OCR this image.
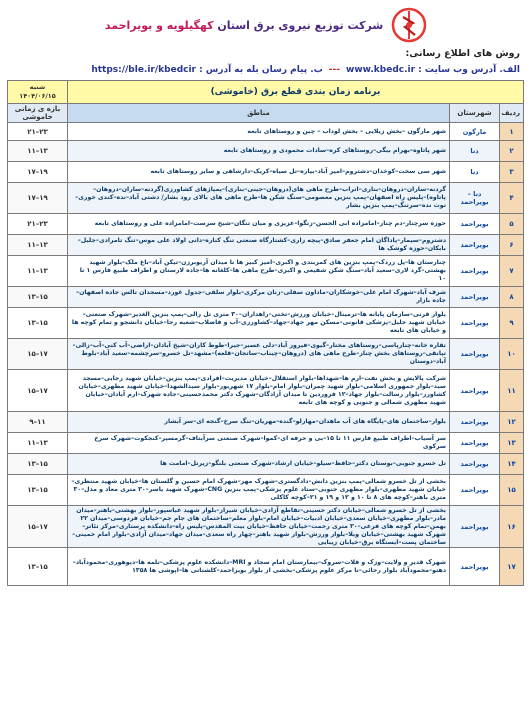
شرکت توزیع نیروی برق استان کهگیلویه و بویراحمد
روش های اطلاع رسانی:
الف. آدرس وب سایت : www.kbedc.ir
---
ب. پیام رسان بله به آدرس : https://ble.ir/kbedcir
برنامه زمان بندی قطع برق (خاموشی)			شنبه
۱۴۰۴/۰۶/۱۵

ردیف	شهرستان	مناطق	بازه ی زمانی خاموشی
۱	مارگون	شهر مارگون –بخش زیلایی – بخش لوداب – چین و روستاهای تابعه	۲۱–۲۳
۲	دنا	شهر پاتاوه–بهرام بیگی–روستاهای کره–سادات محمودی و روستاهای تابعه	۱۱–۱۳
۳	دنا	شهر سی سخت–کوخدان–دشتروم–امیر آباد–بیاره–تل سیاه–کریک–دارشاهی و سایر روستاهای تابعه	۱۷–۱۹
۴	دنا – بویراحمد	گردنه–ساران–دروهان–بناری–اتراب–طرح ماهی های(دروهان–جینی–بناری)–پمپاژهای کشاورزی(گردنه–ساران–دروهان–پاتاوه)–پلیس راه اصفهان–پمپ بنزین معصومی–سنگ شکن ها–طرح ماهی های بالای رود بشار/ دشتی آباد–نده–کندی خوری–توت نده–سرتنگ–پمپ بنزین بشار	۱۷–۱۹
۵	بویراحمد	حوزه سرچنار–دم چنار–امامزاده ابی الحسن–زنگوا–عزیزی و میان تنگان–شیخ سرست–امامزاده علی و روستاهای تابعه	۲۱–۲۳
۶	بویراحمد	دشتروم–سیمار–پاداگان امام جعفر صادق–پیچه زاری–کشتارگاه صنعتی تنگ کناره–دانی اولاد علی موس–تنگ تامرادی–جلیل–بابکان–حوزه کوشک ها	۱۱–۱۳
۷	بویراحمد	چنارستان ها–پل زردک–پمپ بنزین های کمربندی و اکبری–امیر کبیر ها تا میدان آریوبرزن–تیکن آباد–باغ ملک–بلوار شهید بهشتی–گرد لاری–سعید آباد–سنگ شکن شفیعی و اکبری–طرح ماهی ها–کلغانه ها–جاده لارستان و اطراف طبیع فارس ۱ تا ۱۰	۱۱–۱۳
۸	بویراحمد	شرف آباد–شهرک امام علی–خوشکاران–ماداون سفلی–زنان مرکزی–بلوار سلفی–جدول غورد–مسجدان تالس جاده اصفهان–جاده بازار	۱۳–۱۵
۹	بویراحمد	بلوار قرنی–سازمان پایانه ها–ترمینال–خیابان ورزش–تختی–راهداران–۳۰ متری تل زالی–پمپ بنزین الغدیر–شهرک صنعتی–خیابان شهید جلیل–پزشکی قانونی–مسکن مهر جهاد–جهاد–کشاورزی–آب و فاضلاب–شعبه رجا–خیابان دانشجو و تمام کوچه ها و خیابان های تابعه	۱۳–۱۵
۱۰	بویراحمد	نقاره خانه–چنارپاسی–روستاهای مختار–گیوی–فیروز آباد–دلی عسیر–جیرا–طوط کاران–شیخ آبادان–اراضی–آب کنی–آب–زالی–تپانقی–روستاهای بخش چنار–طرح ماهی های (دروهان–چیناب–ساتجان–قلعه)–مشهد–تل خسرو–سرچشمه–سعید آباد–بلوط آباد–دوستان	۱۵–۱۷
۱۱	بویراحمد	شرکت پالایش و بخش نفت–ارم ها–شهداها–بلوار استقلال–خیابان مدیریت–افرادی–پمپ بنزین–خیابان شهید رجایی–مسجد سید–بلوار جمهوری اسلامی–بلوار شهید چمران–بلوار امام–بلوار ۱۷ شهریور–بلوار سیدالشهدا–خیابان شهید مطهری–خیابان کشاورز–بلوار رسالت–بلوار جهاد–۱۲ فروردین تا میدان آزادگان–شهرک دکتر محمدحسینی–جاده شهرک–ارم آبادان–خیابان شهید مطهری شمالی و جنوبی و کوچه های تابعه	۱۵–۱۷
۱۲	بویراحمد	بلوار–ساختمان های–پایگاه های آب ماهدان–مهارلو–گنده–مهریان–تنگ سرخ–گنجه ای–سر آبشار	۹–۱۱
۱۳	بویراحمد	سر آسیاب–اطراف طبیع فارس ۱۱ تا ۱۵–بی و حرفه ای–کموا–شهرک صنعتی سرآبتاف–گرمسیر–کنجکوت–شهرک سرخ سرکوی	۱۱–۱۳
۱۴	بویراحمد	تل خسرو جنوبی–بوستان دکتر–حافظ–سیلو–خیابان ارشاد–شهرک صنعتی بلنگو–زیرتل–امامت ها	۱۳–۱۵
۱۵	بویراحمد	بخشی از تل خسرو شمالی–پمپ بنزین دانش–دادگستری–شهرک مهر–شهرک امام حسین و گلستان ها–خیابان شهید منتظری–خیابان شهید مطهری–بلوار مطهری جنوبی–ستاد علوم پزشکی–پمپ بنزین CNG–شهرک شهید یاسر–۳۰ متری معاد و مدل–۳۰ متری باهنر–کوچه های ۸ تا ۱۰ و ۱۲ و ۱۹ و ۲۱–کوچه کاکلی	۱۳–۱۵
۱۶	بویراحمد	بخشی از تل خسرو شمالی–خیابان دکتر حسینی–تقاطع آزادی–خیابان شیراز–بلوار شهید عباسپور–بلوار بهشتی–باهنر–میدان مادر–بلوار مطهری–خیابان سعدی–خیابان ادبیات–خیابان امام–بلوار معلم–ساختمان های جام جم–خیابان فردوسی–میدان ۲۲ بهمن–تمام کوچه های فرعی–۳۰ متری رحمت–خیابان حافظ–خیابان بیت المقدس–پلیس راه–دانشکده پرستاری–مرکز تئاتر–شهرک شهید بهشتی–خیابان ویلا–بلوار ورزش–بلوار شهید باهنر–چهار راه سعدی–میدان جهاد–میدان آزادی–بلوار امام خمینی–ساختمان پست–ایستگاه برق–خیابان زیبایی	۱۵–۱۷
۱۷	بویراحمد	شهرک قدیر و ولایت–وزک و قلات–سروک–بیمارستان امام سجاد و MRI–دانشکده علوم پزشکی–تلمه ها–دیوهوری–محمودآباد–دهنو–محمودآباد بلوار رجائی–تا مرکز علوم پزشکی–بخشی از بلوار بویراحمد–کلشتانی ها–اپوشی ها ۱۳۵۸	۱۳–۱۵
